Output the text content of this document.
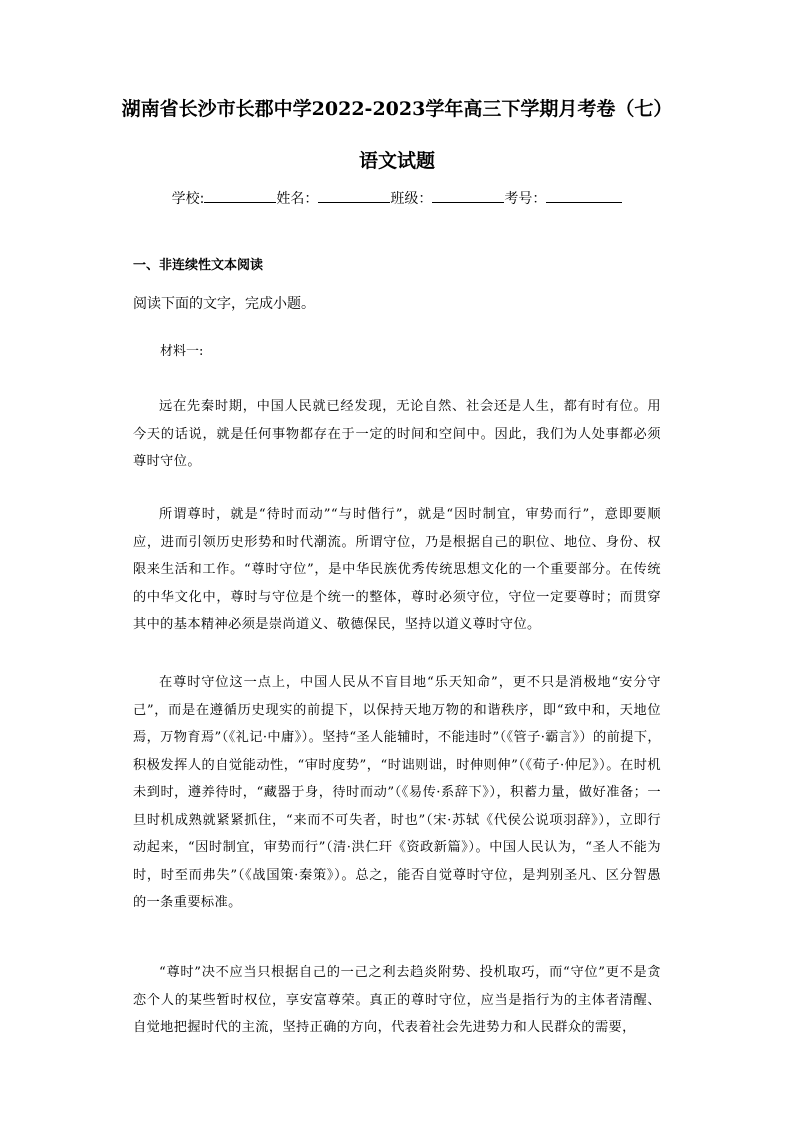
湖南省长沙市长郡中学2022-2023学年高三下学期月考卷（七）
语文试题
学校:	姓名：	班级：	考号：
一、非连续性文本阅读
阅读下面的文字，完成小题。
材料一:

远在先秦时期，中国人民就已经发现，无论自然、社会还是人生，都有时有位。用今天的话说，就是任何事物都存在于一定的时间和空间中。因此，我们为人处事都必须尊时守位。

所谓尊时，就是“待时而动”“与时偕行”，就是“因时制宜，审势而行”，意即要顺应，进而引领历史形势和时代潮流。所谓守位，乃是根据自己的职位、地位、身份、权限来生活和工作。“尊时守位”，是中华民族优秀传统思想文化的一个重要部分。在传统的中华文化中，尊时与守位是个统一的整体，尊时必须守位，守位一定要尊时；而贯穿其中的基本精神必须是崇尚道义、敬德保民，坚持以道义尊时守位。

在尊时守位这一点上，中国人民从不盲目地“乐天知命”，更不只是消极地“安分守己”，而是在遵循历史现实的前提下，以保持天地万物的和谐秩序，即“致中和，天地位焉，万物育焉”（《礼记·中庸》）。坚持“圣人能辅时，不能违时”（《管子·霸言》）的前提下，积极发挥人的自觉能动性，“审时度势”，“时诎则诎，时伸则伸”（《荀子·仲尼》）。在时机未到时，遵养待时，“藏器于身，待时而动”（《易传·系辞下》），积蓄力量，做好准备；一旦时机成熟就紧紧抓住，“来而不可失者，时也”（宋·苏轼《代侯公说项羽辞》），立即行动起来，“因时制宜，审势而行”（清·洪仁玕《资政新篇》）。中国人民认为，“圣人不能为时，时至而弗失”（《战国策·秦策》）。总之，能否自觉尊时守位，是判别圣凡、区分智愚的一条重要标准。

“尊时”决不应当只根据自己的一己之利去趋炎附势、投机取巧，而“守位”更不是贪恋个人的某些暂时权位，享安富尊荣。真正的尊时守位，应当是指行为的主体者清醒、自觉地把握时代的主流，坚持正确的方向，代表着社会先进势力和人民群众的需要，
